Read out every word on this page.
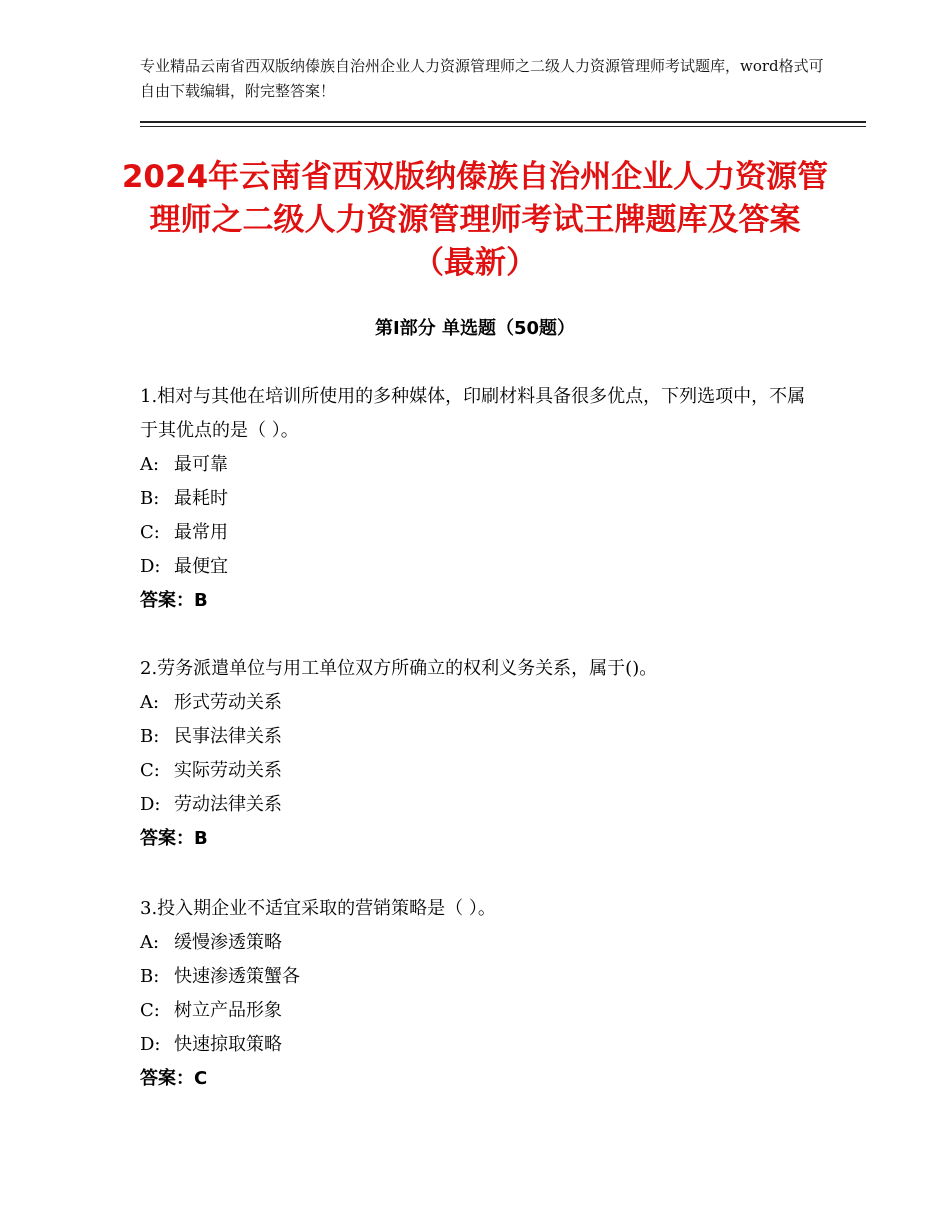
专业精品云南省西双版纳傣族自治州企业人力资源管理师之二级人力资源管理师考试题库，word格式可自由下载编辑，附完整答案！
2024年云南省西双版纳傣族自治州企业人力资源管理师之二级人力资源管理师考试王牌题库及答案（最新）
第Ⅰ部分 单选题（50题）

1.相对与其他在培训所使用的多种媒体，印刷材料具备很多优点，下列选项中，不属于其优点的是（ ）。

A: 最可靠

B: 最耗时

C: 最常用

D: 最便宜

答案：B

2.劳务派遣单位与用工单位双方所确立的权利义务关系，属于()。

A: 形式劳动关系

B: 民事法律关系

C: 实际劳动关系

D: 劳动法律关系

答案：B

3.投入期企业不适宜采取的营销策略是（ ）。

A: 缓慢渗透策略

B: 快速渗透策蟹各

C: 树立产品形象

D: 快速掠取策略

答案：C
